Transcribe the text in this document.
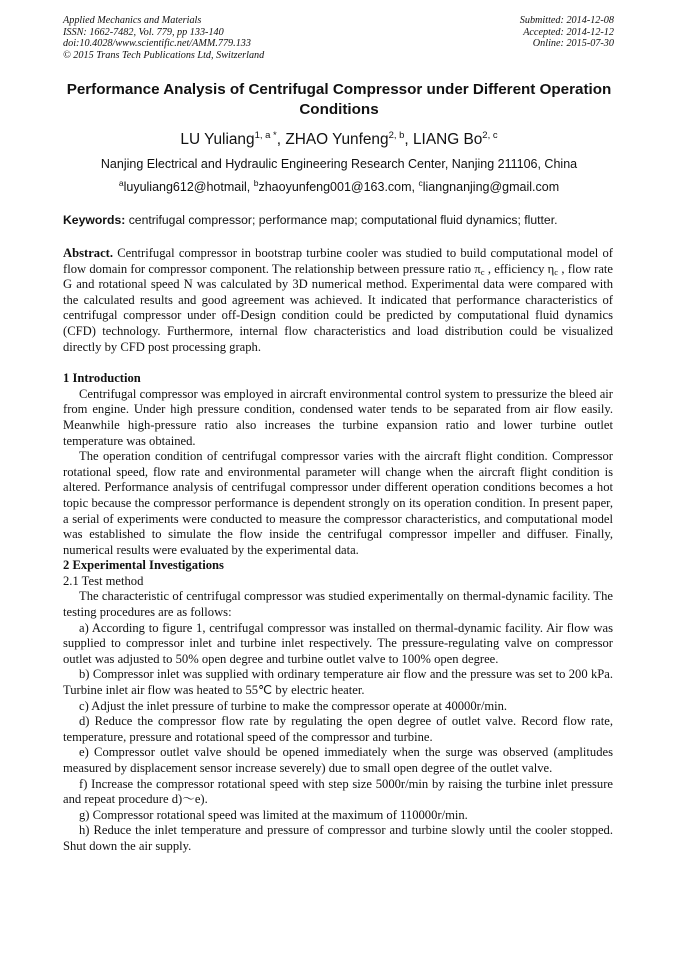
Applied Mechanics and Materials
ISSN: 1662-7482, Vol. 779, pp 133-140
doi:10.4028/www.scientific.net/AMM.779.133
© 2015 Trans Tech Publications Ltd, Switzerland
Submitted: 2014-12-08
Accepted: 2014-12-12
Online: 2015-07-30
Performance Analysis of Centrifugal Compressor under Different Operation Conditions
LU Yuliang$^{1, a *}$, ZHAO Yunfeng$^{2, b}$, LIANG Bo$^{2, c}$
Nanjing Electrical and Hydraulic Engineering Research Center, Nanjing 211106, China
$^a$luyuliang612@hotmail, $^b$zhaoyunfeng001@163.com, $^c$liangnanjing@gmail.com
Keywords: centrifugal compressor; performance map; computational fluid dynamics; flutter.

Abstract. Centrifugal compressor in bootstrap turbine cooler was studied to build computational model of flow domain for compressor component. The relationship between pressure ratio $\pi_c$ , efficiency $\eta_c$ , flow rate G and rotational speed N was calculated by 3D numerical method. Experimental data were compared with the calculated results and good agreement was achieved. It indicated that performance characteristics of centrifugal compressor under off-Design condition could be predicted by computational fluid dynamics (CFD) technology. Furthermore, internal flow characteristics and load distribution could be visualized directly by CFD post processing graph.

1 Introduction

Centrifugal compressor was employed in aircraft environmental control system to pressurize the bleed air from engine. Under high pressure condition, condensed water tends to be separated from air flow easily. Meanwhile high-pressure ratio also increases the turbine expansion ratio and lower turbine outlet temperature was obtained.

The operation condition of centrifugal compressor varies with the aircraft flight condition. Compressor rotational speed, flow rate and environmental parameter will change when the aircraft flight condition is altered. Performance analysis of centrifugal compressor under different operation conditions becomes a hot topic because the compressor performance is dependent strongly on its operation condition. In present paper, a serial of experiments were conducted to measure the compressor characteristics, and computational model was established to simulate the flow inside the centrifugal compressor impeller and diffuser. Finally, numerical results were evaluated by the experimental data.

2 Experimental Investigations
2.1 Test method

The characteristic of centrifugal compressor was studied experimentally on thermal-dynamic facility. The testing procedures are as follows:

a) According to figure 1, centrifugal compressor was installed on thermal-dynamic facility. Air flow was supplied to compressor inlet and turbine inlet respectively. The pressure-regulating valve on compressor outlet was adjusted to 50% open degree and turbine outlet valve to 100% open degree.

b) Compressor inlet was supplied with ordinary temperature air flow and the pressure was set to 200 kPa. Turbine inlet air flow was heated to 55℃ by electric heater.

c) Adjust the inlet pressure of turbine to make the compressor operate at 40000r/min.

d) Reduce the compressor flow rate by regulating the open degree of outlet valve. Record flow rate, temperature, pressure and rotational speed of the compressor and turbine.

e) Compressor outlet valve should be opened immediately when the surge was observed (amplitudes measured by displacement sensor increase severely) due to small open degree of the outlet valve.

f) Increase the compressor rotational speed with step size 5000r/min by raising the turbine inlet pressure and repeat procedure d)～e).

g) Compressor rotational speed was limited at the maximum of 110000r/min.

h) Reduce the inlet temperature and pressure of compressor and turbine slowly until the cooler stopped. Shut down the air supply.
